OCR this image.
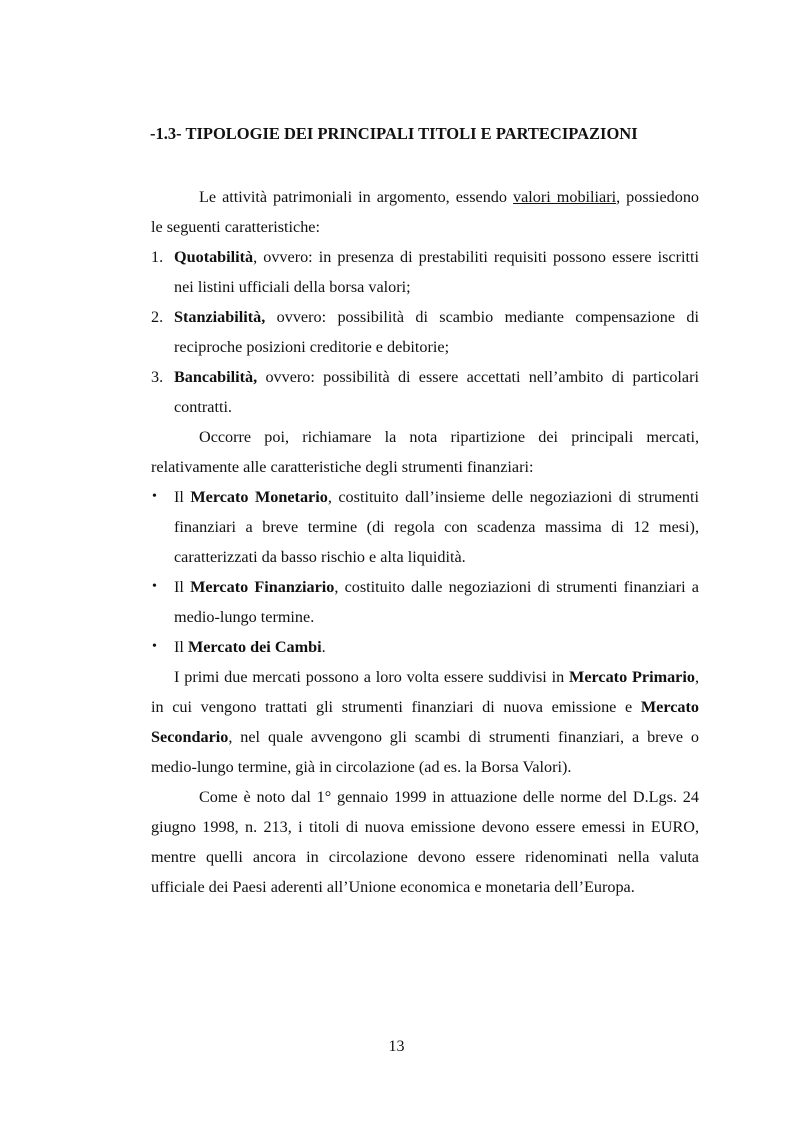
-1.3- TIPOLOGIE DEI PRINCIPALI TITOLI E PARTECIPAZIONI

Le attività patrimoniali in argomento, essendo valori mobiliari, possiedono le seguenti caratteristiche:

1. Quotabilità, ovvero: in presenza di prestabiliti requisiti possono essere iscritti nei listini ufficiali della borsa valori;
2. Stanziabilità, ovvero: possibilità di scambio mediante compensazione di reciproche posizioni creditorie e debitorie;
3. Bancabilità, ovvero: possibilità di essere accettati nell’ambito di particolari contratti.

Occorre poi, richiamare la nota ripartizione dei principali mercati, relativamente alle caratteristiche degli strumenti finanziari:

• Il Mercato Monetario, costituito dall’insieme delle negoziazioni di strumenti finanziari a breve termine (di regola con scadenza massima di 12 mesi), caratterizzati da basso rischio e alta liquidità.
• Il Mercato Finanziario, costituito dalle negoziazioni di strumenti finanziari a medio-lungo termine.
• Il Mercato dei Cambi.

I primi due mercati possono a loro volta essere suddivisi in Mercato Primario, in cui vengono trattati gli strumenti finanziari di nuova emissione e Mercato Secondario, nel quale avvengono gli scambi di strumenti finanziari, a breve o medio-lungo termine, già in circolazione (ad es. la Borsa Valori).

Come è noto dal 1° gennaio 1999 in attuazione delle norme del D.Lgs. 24 giugno 1998, n. 213, i titoli di nuova emissione devono essere emessi in EURO, mentre quelli ancora in circolazione devono essere ridenominati nella valuta ufficiale dei Paesi aderenti all’Unione economica e monetaria dell’Europa.

13
